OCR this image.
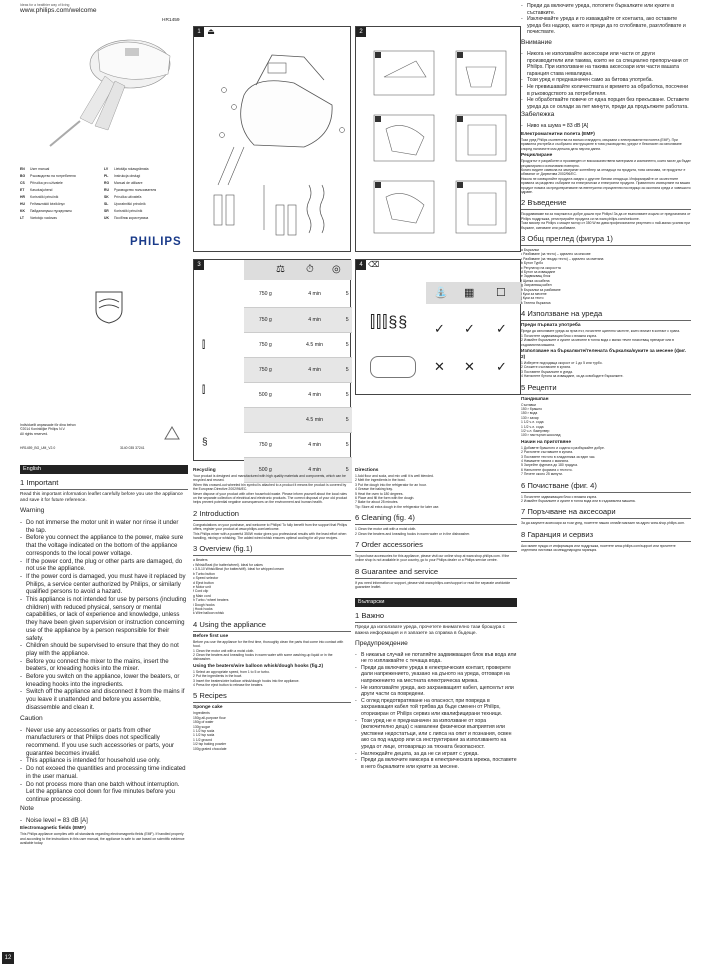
Ideas for a healthier way of living
www.philips.com/welcome
HR1459
EN User manual
BG Ръководство на потребителя
CS Příručka pro uživatele
ET Kasutusjuhend
HR Korisnički priručnik
HU Felhasználói kézikönyv
KK Пайдаланушы нұсқаулығы
LT Vartotojo vadovas
LV Lietotāja rokasgrāmata
PL Instrukcja obsługi
RO Manual de utilizare
RU Руководство пользователя
SK Príručka užívateľa
SL Uporabniški priročnik
SR Korisnički priručnik
UK Посібник користувача
PHILIPS
Individuellt anpassade för dina behov
©2014 Koninklijke Philips N.V.
All rights reserved.
HR1459_BG_UM_V2.0	3140 035 37241
1 ⏏	2
3	⚖ ⏱ ◎
⫿
⫿
§
750 g	4 min	5
750 g	4 min	5
750 g	4.5 min	5
750 g	4 min	5
500 g	4 min	5
	4.5 min	5
750 g	4 min	5
500 g	4 min	5
4 ⌫
⛲ ▦ ☐
⫿⫿⫿§§ ✓ ✓ ✓
✕ ✕ ✓
English
1 Important
Read this important information leaflet carefully before you use the appliance and save it for future reference.
Warning
- Do not immerse the motor unit in water nor rinse it under the tap.
- Before you connect the appliance to the power, make sure that the voltage indicated on the bottom of the appliance corresponds to the local power voltage.
- If the power cord, the plug or other parts are damaged, do not use the appliance.
- If the power cord is damaged, you must have it replaced by Philips, a service center authorized by Philips, or similarly qualified persons to avoid a hazard.
- This appliance is not intended for use by persons (including children) with reduced physical, sensory or mental capabilities, or lack of experience and knowledge, unless they have been given supervision or instruction concerning use of the appliance by a person responsible for their safety.
- Children should be supervised to ensure that they do not play with the appliance.
- Before you connect the mixer to the mains, insert the beaters, or kneading hooks into the mixer.
- Before you switch on the appliance, lower the beaters, or kneading hooks into the ingredients.
- Switch off the appliance and disconnect it from the mains if you leave it unattended and before you assemble, disassemble and clean it.
Caution
- Never use any accessories or parts from other manufacturers or that Philips does not specifically recommend. If you use such accessories or parts, your guarantee becomes invalid.
- This appliance is intended for household use only.
- Do not exceed the quantities and processing time indicated in the user manual.
- Do not process more than one batch without interruption. Let the appliance cool down for five minutes before you continue processing.
Note
- Noise level = 83 dB [A]
Electromagnetic fields (EMF)
This Philips appliance complies with all standards regarding electromagnetic fields (EMF). If handled properly and according to the instructions in this user manual, the appliance is safe to use based on scientific evidence available today.
Recycling
Your product is designed and manufactured with high quality materials and components, which can be recycled and reused.
When this crossed-out wheeled bin symbol is attached to a product it means the product is covered by the European Directive 2002/96/EC.
Never dispose of your product with other household waste. Please inform yourself about the local rules on the separate collection of electrical and electronic products. The correct disposal of your old product helps prevent potential negative consequences on the environment and human health.
2 Introduction
Congratulations on your purchase, and welcome to Philips! To fully benefit from the support that Philips offers, register your product at www.philips.com/welcome.
This Philips mixer with a powerful 350W motor gives you professional results with the least effort when handling, mixing or whisking. The added wired whisk ensures optimal cooling for all your recipes.
3 Overview (fig.1)
a Beaters
• Whisk/Beat (for batter/wheel). Ideal for cakes
• 3.5-10 Whisk/Beat (for batter/stiff). Ideal for whipped cream
b Turbo button
c Speed selector
d Eject button
e Motor unit
f Cord clip
g Main cord
h Turbo / wheel beaters
i Dough hooks
j Hook hooks
k Wire balloon whisk
4 Using the appliance
Before first use
Before you use the appliance for the first time, thoroughly clean the parts that come into contact with food.
1 Clean the motor unit with a moist cloth.
2 Clean the beaters and kneading hooks in warm water with some washing-up liquid or in the dishwasher.
Using the beaters/wire balloon whisk/dough hooks (fig.2)
1 Select an appropriate speed, from 1 to 5 or turbo.
2 Put the ingredients in the bowl.
3 Insert the beaters/wire balloon whisk/dough hooks into the appliance.
4 Press the eject button to release the beaters.
5 Recipes
Sponge cake
Ingredients
150g all-purpose flour
150g of water
130g sugar
1 1/2 tsp soda
1 1/2 tsp soda
1 1/2 ground
1/2 tsp baking powder
100g grated chocolate
Directions
1 Add flour and soda, and mix until it is well blended.
2 Melt the ingredients in the bowl.
3 Put the dough into the refrigerator for an hour.
4 Grease the baking tray.
5 Heat the oven to 180 degrees.
6 Place and fill the form with the dough.
7 Bake for about 25 minutes.
Tip: Store all extra dough in the refrigerator for later use.
6 Cleaning (fig. 4)
1 Clean the motor unit with a moist cloth.
2 Clean the beaters and kneading hooks in warm water or in the dishwasher.
7 Order accessories
To purchase accessories for this appliance, please visit our online shop at www.shop.philips.com. If the online shop is not available in your country, go to your Philips dealer or a Philips service centre.
8 Guarantee and service
If you need information or support, please visit www.philips.com/support or read the separate worldwide guarantee leaflet.
Български
1 Важно
Преди да използвате уреда, прочетете внимателно тази брошура с важна информация и я запазете за справка в бъдеще.
Предупреждение
- В никакъв случай не потапяйте задвижващия блок във вода или не го изплаквайте с течаща вода.
- Преди да включите уреда в електрическия контакт, проверете дали напрежението, указано на дъното на уреда, отговаря на напрежението на местната електрическа мрежа.
- Не използвайте уреда, ако захранващият кабел, щепселът или други части са повредени.
- С оглед предотвратяване на опасност, при повреда в захранващия кабел той трябва да бъде сменен от Philips, оторизиран от Philips сервиз или квалифицирани техници.
- Този уред не е предназначен за използване от хора (включително деца) с намалени физически възприятия или умствени недостатъци, или с липса на опит и познания, освен ако са под надзор или са инструктирани за използването на уреда от лице, отговарящо за тяхната безопасност.
- Наглеждайте децата, за да не си играят с уреда.
- Преди да включите миксера в електрическата мрежа, поставете в него бъркалките или куките за месене.
- Преди да включите уреда, потопете бъркалките или куките в съставките.
- Изключвайте уреда и го изваждайте от контакта, ако оставите уреда без надзор, както и преди да го сглобявате, разглобявате и почиствате.
Внимание
- Никога не използвайте аксесоари или части от други производители или такива, които не са специално препоръчани от Philips. При използване на такива аксесоари или части вашата гаранция става невалидна.
- Този уред е предназначен само за битова употреба.
- Не превишавайте количествата и времето за обработка, посочени в ръководството за потребителя.
- Не обработвайте повече от една порция без прекъсване. Оставете уреда да се охлади за пет минути, преди да продължите работата.
Забележка
- Ниво на шума = 83 dB [A]
Електромагнитни полета (EMF)
Този уред Philips съответства на всички стандарти, свързани с електромагнитни полета (EMF). При правилна употреба и съобразно инструкциите в това ръководство, уредът е безопасен за използване според наличните към днешна дата научни данни.
Рециклиране
Продуктът е разработен и произведен от висококачествени материали и компоненти, които могат да бъдат рециклирани и използвани повторно.
Когато видите символа на зачеркнат контейнер за отпадъци на продукта, това означава, че продуктът е обхванат от Директива 2002/96/EC.
Никога не изхвърляйте продукта заедно с другите битови отпадъци. Информирайте се за местните правила за разделно събиране на електрически и електронни продукти. Правилното изхвърляне на вашия продукт помага за предотвратяване на евентуални отрицателни последици за околната среда и човешкото здраве.
2 Въведение
Поздравяваме ви за покупката и добре дошли при Philips! За да се възползвате изцяло от предлаганата от Philips поддръжка, регистрирайте продукта си на www.philips.com/welcome.
Този миксер на Philips с мощен мотор от 350 W ви дава професионални резултати с най-малко усилия при бъркане, смесване или разбиване.
3 Общ преглед (фигура 1)
a Бъркалки
• Разбиване (за тесто) – идеално за кексове
• Разбиване (за твърдо тесто) – идеално за сметана
b Бутон Турбо
c Регулатор на скоростта
d Бутон за изваждане
e Задвижващ блок
f Щипка за кабела
g Захранващ кабел
h Бъркалки за разбиване
i Куки за месене
j Куки за тесто
k Телена бъркалка
4 Използване на уреда
Преди първата употреба
Преди да използвате уреда за пръв път, почистете щателно частите, които влизат в контакт с храна.
1 Почистете задвижващия блок с влажна кърпа.
2 Измийте бъркалките и куките за месене в топла вода с малко течен почистващ препарат или в съдомиялна машина.
Използване на бъркалките/телената бъркалка/куките за месене (фиг. 2)
1 Изберете подходяща скорост от 1 до 5 или турбо.
2 Сложете съставките в купата.
3 Поставете бъркалките в уреда.
4 Натиснете бутона за изваждане, за да освободите бъркалките.
5 Рецепти
Пандишпан
Съставки
150 г брашно
150 г вода
130 г захар
1 1/2 ч.л. сода
1 1/2 ч.л. сода
1/2 ч.л. бакпулвер
100 г настърган шоколад
Начин на приготвяне
1 Добавете брашното и содата и разбъркайте добре.
2 Разтопете съставките в купата.
3 Поставете тестото в хладилника за един час.
4 Намажете тавата с мазнина.
5 Загрейте фурната до 180 градуса.
6 Напълнете формата с тестото.
7 Печете около 25 минути.
6 Почистване (фиг. 4)
1 Почистете задвижващия блок с влажна кърпа.
2 Измийте бъркалките и куките в топла вода или в съдомиялна машина.
7 Поръчване на аксесоари
За да закупите аксесоари за този уред, посетете нашия онлайн магазин на адрес www.shop.philips.com.
8 Гаранция и сервиз
Ако имате нужда от информация или поддръжка, посетете www.philips.com/support или прочетете отделната листовка за международна гаранция.
12
